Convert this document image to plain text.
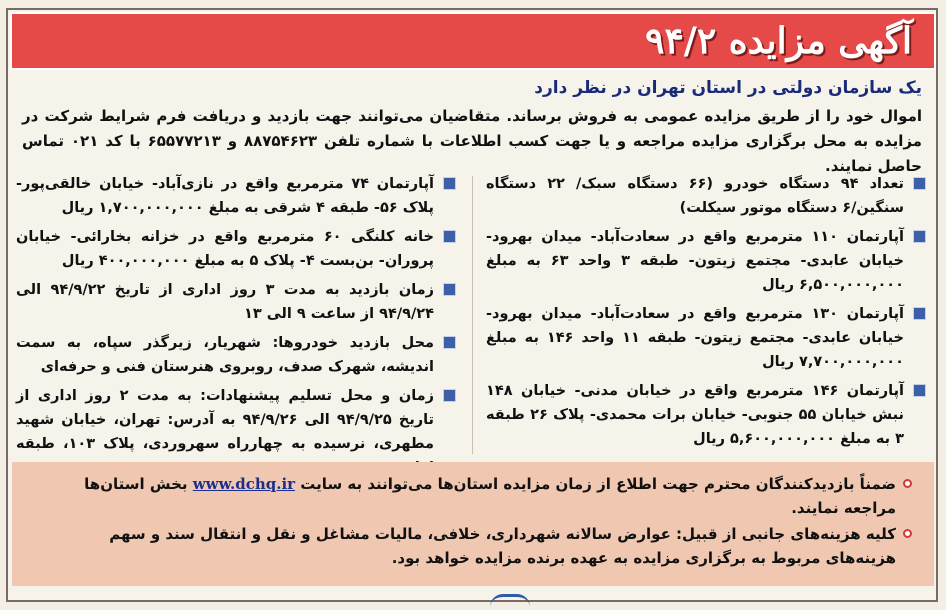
آگهی مزایده ۹۴/۲
یک سازمان دولتی در استان تهران در نظر دارد
اموال خود را از طریق مزایده عمومی به فروش برساند. متقاضیان می‌توانند جهت بازدید و دریافت فرم شرایط شرکت در مزایده به محل برگزاری مزایده مراجعه و یا جهت کسب اطلاعات با شماره تلفن ۸۸۷۵۴۶۲۳ و ۶۵۵۷۷۲۱۳ با کد ۰۲۱ تماس حاصل نمایند.
تعداد ۹۴ دستگاه خودرو (۶۶ دستگاه سبک/ ۲۲ دستگاه سنگین/۶ دستگاه موتور سیکلت)
آپارتمان ۱۱۰ مترمربع واقع در سعادت‌آباد- میدان بهرود- خیابان عابدی- مجتمع زیتون- طبقه ۳ واحد ۶۳ به مبلغ ۶,۵۰۰,۰۰۰,۰۰۰ ریال
آپارتمان ۱۳۰ مترمربع واقع در سعادت‌آباد- میدان بهرود- خیابان عابدی- مجتمع زیتون- طبقه ۱۱ واحد ۱۴۶ به مبلغ ۷,۷۰۰,۰۰۰,۰۰۰ ریال
آپارتمان ۱۴۶ مترمربع واقع در خیابان مدنی- خیابان ۱۴۸ نبش خیابان ۵۵ جنوبی- خیابان برات محمدی- پلاک ۲۶ طبقه ۳ به مبلغ ۵,۶۰۰,۰۰۰,۰۰۰ ریال
آپارتمان ۷۴ مترمربع واقع در نازی‌آباد- خیابان خالقی‌پور- پلاک ۵۶- طبقه ۴ شرقی به مبلغ ۱,۷۰۰,۰۰۰,۰۰۰ ریال
خانه کلنگی ۶۰ مترمربع واقع در خزانه بخارائی- خیابان پروران- بن‌بست ۴- پلاک ۵ به مبلغ ۴۰۰,۰۰۰,۰۰۰ ریال
زمان بازدید به مدت ۳ روز اداری از تاریخ ۹۴/۹/۲۲ الی ۹۴/۹/۲۴ از ساعت ۹ الی ۱۳
محل بازدید خودروها: شهریار، زیرگذر سپاه، به سمت اندیشه، شهرک صدف، روبروی هنرستان فنی و حرفه‌ای
زمان و محل تسلیم پیشنهادات: به مدت ۲ روز اداری از تاریخ ۹۴/۹/۲۵ الی ۹۴/۹/۲۶ به آدرس: تهران، خیابان شهید مطهری، نرسیده به چهارراه سهروردی، پلاک ۱۰۳، طبقه
ضمناً بازدیدکنندگان محترم جهت اطلاع از زمان مزایده استان‌ها می‌توانند به سایت www.dchq.ir بخش استان‌ها مراجعه نمایند.
کلیه هزینه‌های جانبی از قبیل: عوارض سالانه شهرداری، خلافی، مالیات مشاغل و نقل و انتقال سند و سهم هزینه‌های مربوط به برگزاری مزایده به عهده برنده مزایده خواهد بود.
